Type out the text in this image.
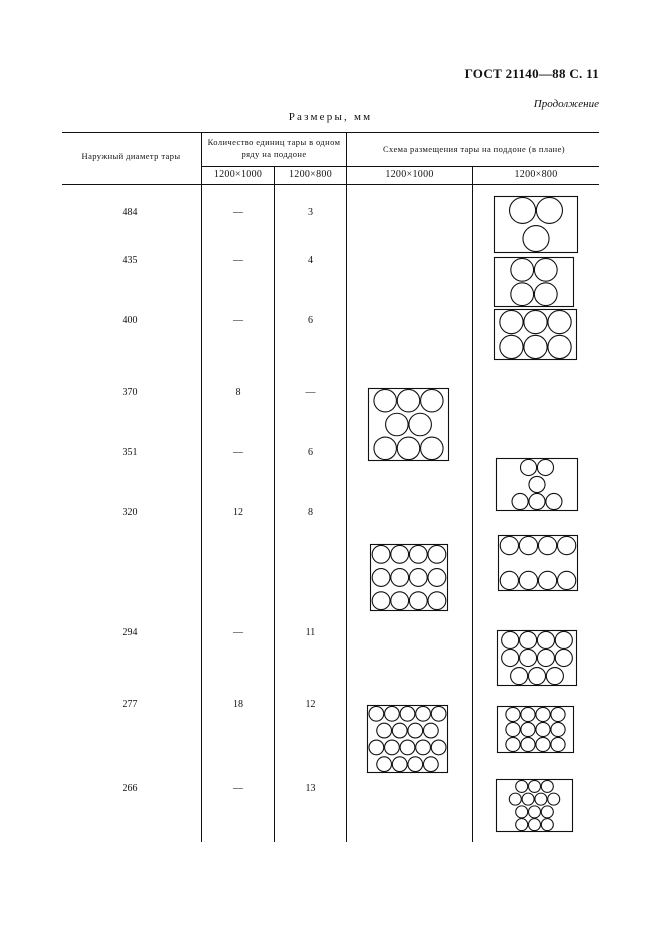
ГОСТ 21140—88 С. 11
Продолжение
Размеры, мм
Наружный диаметр тары
Количество единиц тары в одном ряду на поддоне	Схема размещения тары на поддоне (в плане)
1200×1000	1200×800	1200×1000	1200×800
484	—	3
435	—	4
400	—	6
370	8	—
351	—	6
320	12	8
294	—	11
277	18	12
266	—	13
